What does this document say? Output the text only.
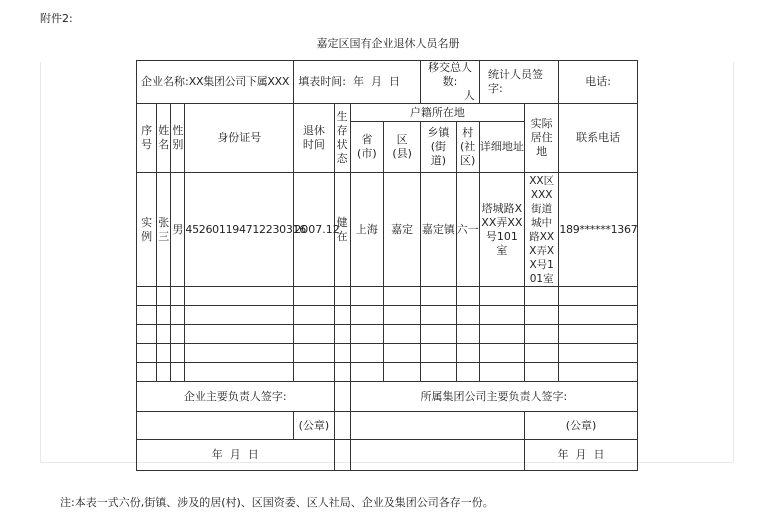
附件2:
嘉定区国有企业退休人员名册
企业名称:XX集团公司下属XXX				填表时间: 年  月  日				移交总人数:
人		统计人员签字:		电话:
序号	姓名	性别	身份证号	退休时间	生存状态	户籍所在地					实际居住地	联系电话
						省(市)	区(县)	乡镇(街道)	村(社区)	详细地址		
实例	张三	男	452601194712230316	2007.12	健在	上海	嘉定	嘉定镇	六一	塔城路XXX弄XX号101室	XX区XXX街道城中路XXX弄XX号101室	189******1367

企业主要负责人签字:						所属集团公司主要负责人签字:						
				(公章)							(公章)	
年  月  日											年  月  日	
注:本表一式六份,街镇、涉及的居(村)、区国资委、区人社局、企业及集团公司各存一份。
